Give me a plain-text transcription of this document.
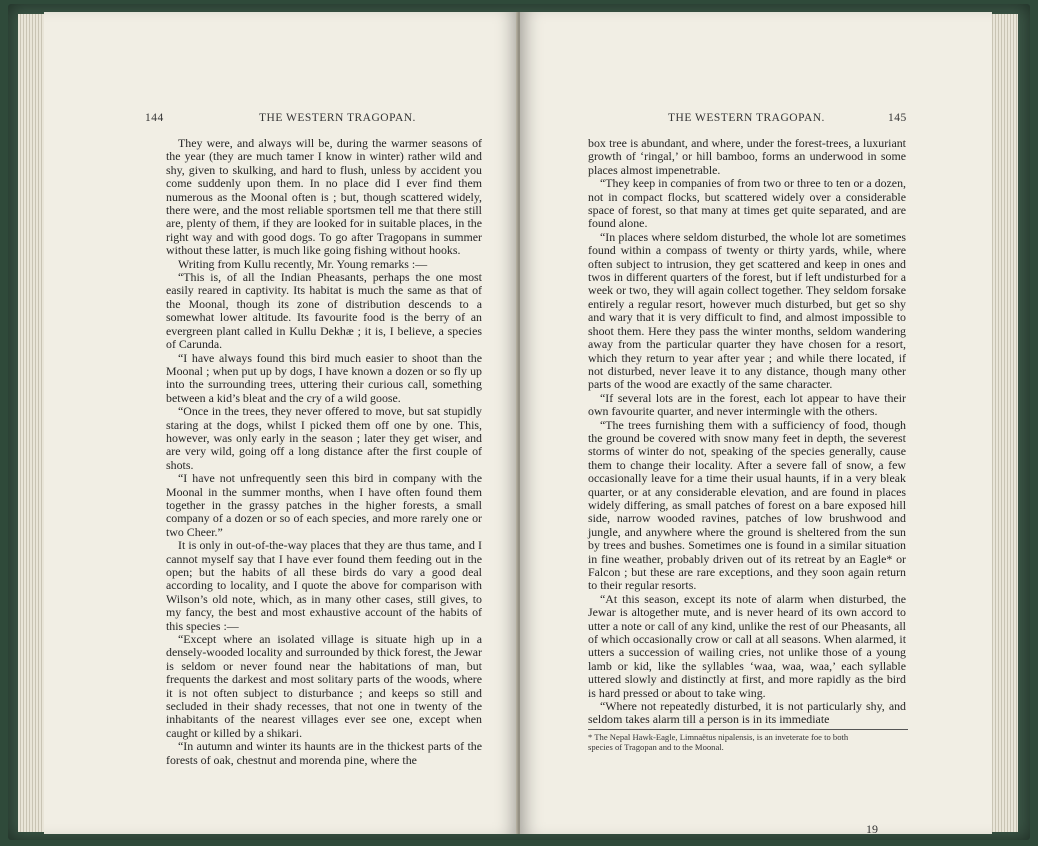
144	THE WESTERN TRAGOPAN.

They were, and always will be, during the warmer seasons of the year (they are much tamer I know in winter) rather wild and shy, given to skulking, and hard to flush, unless by accident you come suddenly upon them. In no place did I ever find them numerous as the Moonal often is ; but, though scattered widely, there were, and the most reliable sportsmen tell me that there still are, plenty of them, if they are looked for in suitable places, in the right way and with good dogs. To go after Tragopans in summer without these latter, is much like going fishing without hooks.

Writing from Kullu recently, Mr. Young remarks :—

“This is, of all the Indian Pheasants, perhaps the one most easily reared in captivity. Its habitat is much the same as that of the Moonal, though its zone of distribution descends to a somewhat lower altitude. Its favourite food is the berry of an evergreen plant called in Kullu Dekhæ ; it is, I believe, a species of Carunda.

“I have always found this bird much easier to shoot than the Moonal ; when put up by dogs, I have known a dozen or so fly up into the surrounding trees, uttering their curious call, something between a kid’s bleat and the cry of a wild goose.

“Once in the trees, they never offered to move, but sat stupidly staring at the dogs, whilst I picked them off one by one. This, however, was only early in the season ; later they get wiser, and are very wild, going off a long distance after the first couple of shots.

“I have not unfrequently seen this bird in company with the Moonal in the summer months, when I have often found them together in the grassy patches in the higher forests, a small company of a dozen or so of each species, and more rarely one or two Cheer.”

It is only in out-of-the-way places that they are thus tame, and I cannot myself say that I have ever found them feeding out in the open; but the habits of all these birds do vary a good deal according to locality, and I quote the above for comparison with Wilson’s old note, which, as in many other cases, still gives, to my fancy, the best and most exhaustive account of the habits of this species :—

“Except where an isolated village is situate high up in a densely-wooded locality and surrounded by thick forest, the Jewar is seldom or never found near the habitations of man, but frequents the darkest and most solitary parts of the woods, where it is not often subject to disturbance ; and keeps so still and secluded in their shady recesses, that not one in twenty of the inhabitants of the nearest villages ever see one, except when caught or killed by a shikari.

“In autumn and winter its haunts are in the thickest parts of the forests of oak, chestnut and morenda pine, where the

THE WESTERN TRAGOPAN.	145

box tree is abundant, and where, under the forest-trees, a luxuriant growth of ‘ringal,’ or hill bamboo, forms an underwood in some places almost impenetrable.

“They keep in companies of from two or three to ten or a dozen, not in compact flocks, but scattered widely over a considerable space of forest, so that many at times get quite separated, and are found alone.

“In places where seldom disturbed, the whole lot are sometimes found within a compass of twenty or thirty yards, while, where often subject to intrusion, they get scattered and keep in ones and twos in different quarters of the forest, but if left undisturbed for a week or two, they will again collect together. They seldom forsake entirely a regular resort, however much disturbed, but get so shy and wary that it is very difficult to find, and almost impossible to shoot them. Here they pass the winter months, seldom wandering away from the particular quarter they have chosen for a resort, which they return to year after year ; and while there located, if not disturbed, never leave it to any distance, though many other parts of the wood are exactly of the same character.

“If several lots are in the forest, each lot appear to have their own favourite quarter, and never intermingle with the others.

“The trees furnishing them with a sufficiency of food, though the ground be covered with snow many feet in depth, the severest storms of winter do not, speaking of the species generally, cause them to change their locality. After a severe fall of snow, a few occasionally leave for a time their usual haunts, if in a very bleak quarter, or at any considerable elevation, and are found in places widely differing, as small patches of forest on a bare exposed hill side, narrow wooded ravines, patches of low brushwood and jungle, and anywhere where the ground is sheltered from the sun by trees and bushes. Sometimes one is found in a similar situation in fine weather, probably driven out of its retreat by an Eagle* or Falcon ; but these are rare exceptions, and they soon again return to their regular resorts.

“At this season, except its note of alarm when disturbed, the Jewar is altogether mute, and is never heard of its own accord to utter a note or call of any kind, unlike the rest of our Pheasants, all of which occasionally crow or call at all seasons. When alarmed, it utters a succession of wailing cries, not unlike those of a young lamb or kid, like the syllables ‘waa, waa, waa,’ each syllable uttered slowly and distinctly at first, and more rapidly as the bird is hard pressed or about to take wing.

“Where not repeatedly disturbed, it is not particularly shy, and seldom takes alarm till a person is in its immediate

* The Nepal Hawk-Eagle, Limnaëtus nipalensis, is an inveterate foe to both
species of Tragopan and to the Moonal.
19
